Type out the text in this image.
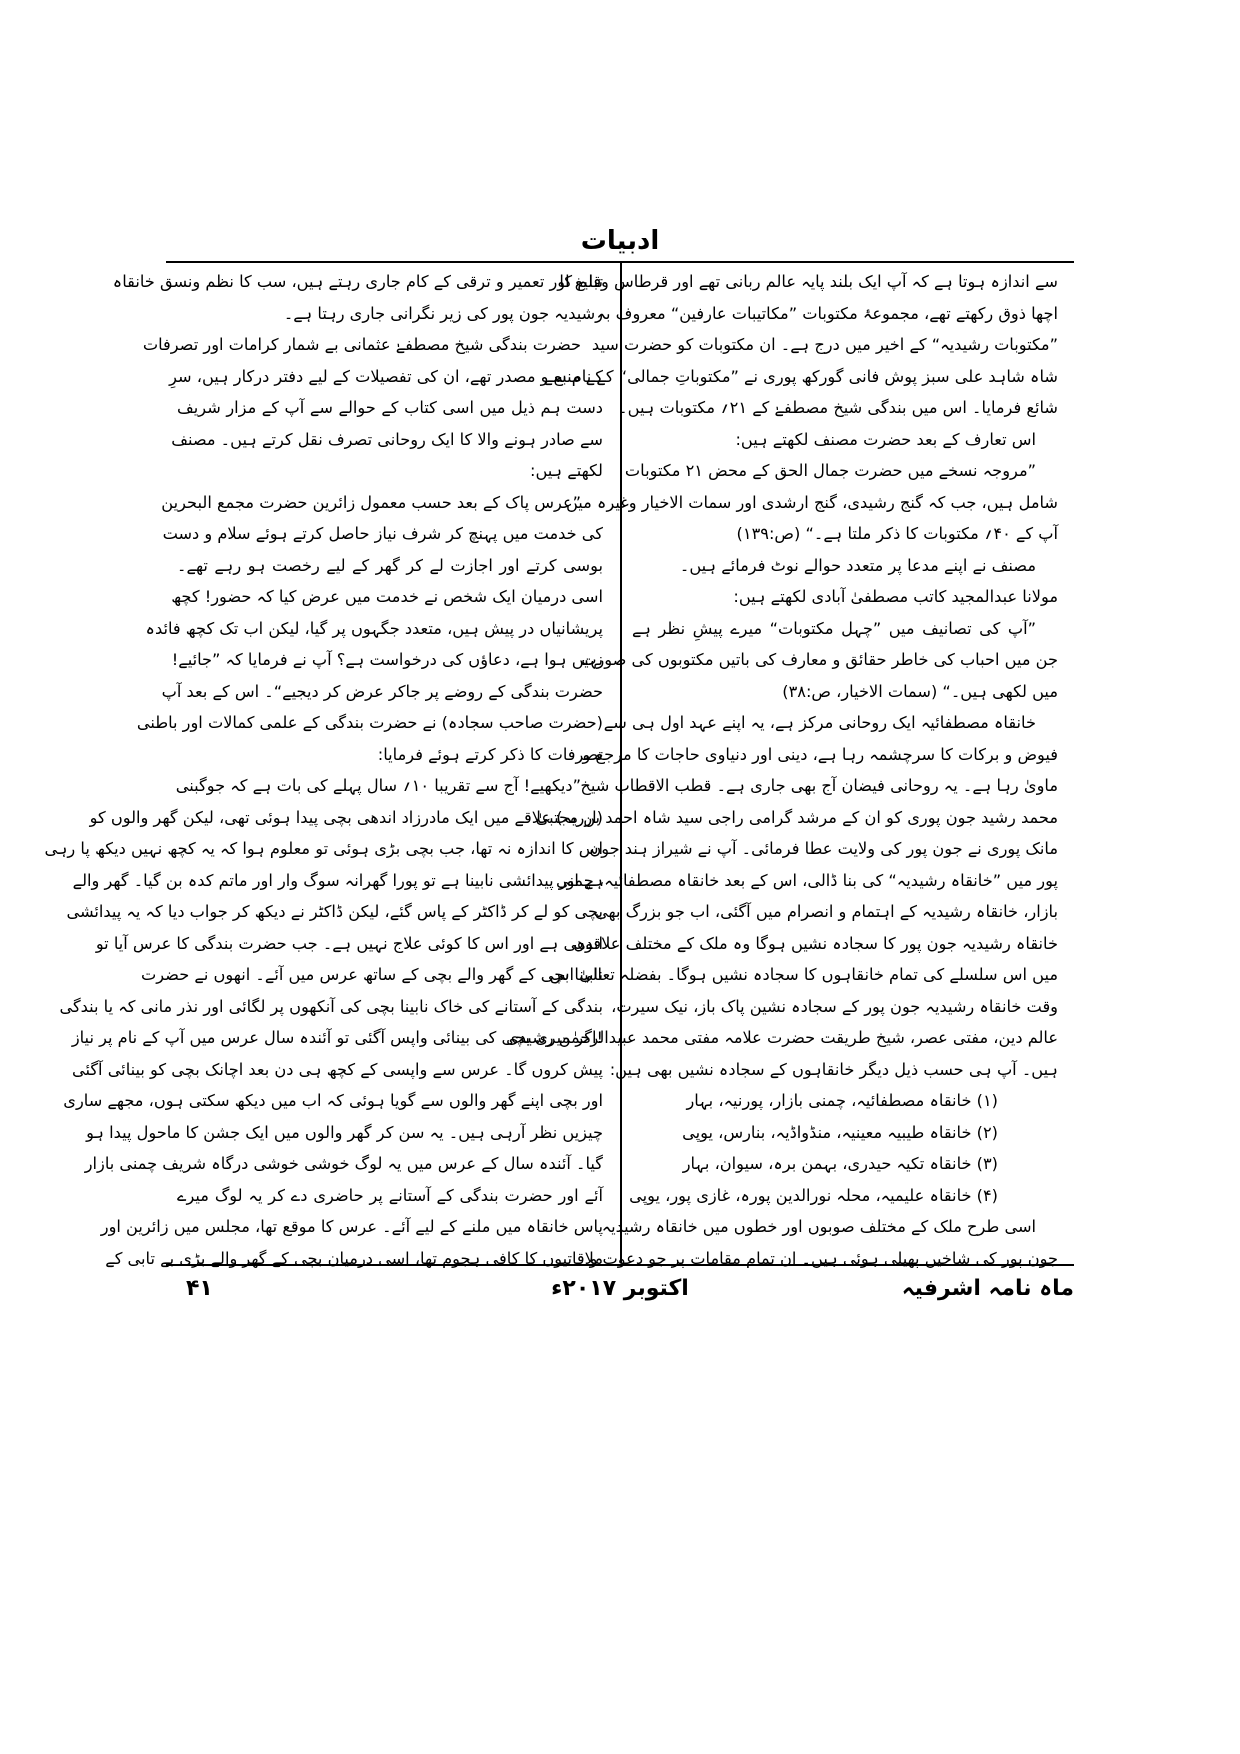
ادبیات
سے اندازہ ہوتا ہے کہ آپ ایک بلند پایہ عالم ربانی تھے اور قرطاس وقلم کا
اچھا ذوق رکھتے تھے، مجموعۂ مکتوبات ”مکاتیبات عارفین“ معروف بہ
”مکتوبات رشیدیہ“ کے اخیر میں درج ہے۔ ان مکتوبات کو حضرت سید
شاہ شاہد علی سبز پوش فانی گورکھ پوری نے ”مکتوباتِ جمالی“ کے نام سے
شائع فرمایا۔ اس میں بندگی شیخ مصطفےٰ کے ۲۱؍ مکتوبات ہیں۔
اس تعارف کے بعد حضرت مصنف لکھتے ہیں:
”مروجہ نسخے میں حضرت جمال الحق کے محض ۲۱ مکتوبات
شامل ہیں، جب کہ گنج رشیدی، گنج ارشدی اور سمات الاخیار وغیرہ میں
آپ کے ۴۰؍ مکتوبات کا ذکر ملتا ہے۔“ (ص:۱۳۹)
مصنف نے اپنے مدعا پر متعدد حوالے نوٹ فرمائے ہیں۔
مولانا عبدالمجید کاتب مصطفیٰ آبادی لکھتے ہیں:
”آپ کی تصانیف میں ”چہل مکتوبات“ میرے پیشِ نظر ہے
جن میں احباب کی خاطر حقائق و معارف کی باتیں مکتوبوں کی صورت
میں لکھی ہیں۔“ (سمات الاخیار، ص:۳۸)
خانقاہ مصطفائیہ ایک روحانی مرکز ہے، یہ اپنے عہد اول ہی سے
فیوض و برکات کا سرچشمہ رہا ہے، دینی اور دنیاوی حاجات کا مرجع و
ماویٰ رہا ہے۔ یہ روحانی فیضان آج بھی جاری ہے۔ قطب الاقطاب شیخ
محمد رشید جون پوری کو ان کے مرشد گرامی راجی سید شاہ احمد بن مجتبیٰ
مانک پوری نے جون پور کی ولایت عطا فرمائی۔ آپ نے شیراز ہند جون
پور میں ”خانقاہ رشیدیہ“ کی بنا ڈالی، اس کے بعد خانقاہ مصطفائیہ، چمنی
بازار، خانقاہ رشیدیہ کے اہتمام و انصرام میں آگئی، اب جو بزرگ بھی
خانقاہ رشیدیہ جون پور کا سجادہ نشیں ہوگا وہ ملک کے مختلف علاقوں
میں اس سلسلے کی تمام خانقاہوں کا سجادہ نشیں ہوگا۔ بفضلہ تعالیٰ اس
وقت خانقاہ رشیدیہ جون پور کے سجادہ نشین پاک باز، نیک سیرت،
عالم دین، مفتی عصر، شیخ طریقت حضرت علامہ مفتی محمد عبیدالرحمٰن رشیدی
ہیں۔ آپ ہی حسب ذیل دیگر خانقاہوں کے سجادہ نشیں بھی ہیں:
(۱) خانقاہ مصطفائیہ، چمنی بازار، پورنیہ، بہار
(۲) خانقاہ طیبیہ معینیہ، منڈواڈیہ، بنارس، یوپی
(۳) خانقاہ تکیہ حیدری، بہمن برہ، سیوان، بہار
(۴) خانقاہ علیمیہ، محلہ نورالدین پورہ، غازی پور، یوپی
اسی طرح ملک کے مختلف صوبوں اور خطوں میں خانقاہ رشیدیہ
جون پور کی شاخیں پھیلی ہوئی ہیں۔ ان تمام مقامات پر جو دعوت و
تبلیغ اور تعمیر و ترقی کے کام جاری رہتے ہیں، سب کا نظم ونسق خانقاہ
رشیدیہ جون پور کی زیر نگرانی جاری رہتا ہے۔
حضرت بندگی شیخ مصطفےٰ عثمانی بے شمار کرامات اور تصرفات
کے منبع و مصدر تھے، ان کی تفصیلات کے لیے دفتر درکار ہیں، سرِ
دست ہم ذیل میں اسی کتاب کے حوالے سے آپ کے مزار شریف
سے صادر ہونے والا کا ایک روحانی تصرف نقل کرتے ہیں۔ مصنف
لکھتے ہیں:
”عرس پاک کے بعد حسب معمول زائرین حضرت مجمع البحرین
کی خدمت میں پہنچ کر شرف نیاز حاصل کرتے ہوئے سلام و دست
بوسی کرتے اور اجازت لے کر گھر کے لیے رخصت ہو رہے تھے۔
اسی درمیان ایک شخص نے خدمت میں عرض کیا کہ حضور! کچھ
پریشانیاں در پیش ہیں، متعدد جگہوں پر گیا، لیکن اب تک کچھ فائدہ
نہیں ہوا ہے، دعاؤں کی درخواست ہے؟ آپ نے فرمایا کہ ”جائیے!
حضرت بندگی کے روضے پر جاکر عرض کر دیجیے“۔ اس کے بعد آپ
(حضرت صاحب سجادہ) نے حضرت بندگی کے علمی کمالات اور باطنی
تصرفات کا ذکر کرتے ہوئے فرمایا:
”دیکھیے! آج سے تقریبا ۱۰؍ سال پہلے کی بات ہے کہ جوگبنی
(ارریہ) علاقے میں ایک مادرزاد اندھی بچی پیدا ہوئی تھی، لیکن گھر والوں کو
اس کا اندازہ نہ تھا، جب بچی بڑی ہوئی تو معلوم ہوا کہ یہ کچھ نہیں دیکھ پا رہی
ہے اور پیدائشی نابینا ہے تو پورا گھرانہ سوگ وار اور ماتم کدہ بن گیا۔ گھر والے
بچی کو لے کر ڈاکٹر کے پاس گئے، لیکن ڈاکٹر نے دیکھ کر جواب دیا کہ یہ پیدائشی
اندھی ہے اور اس کا کوئی علاج نہیں ہے۔ جب حضرت بندگی کا عرس آیا تو
نابینا بچی کے گھر والے بچی کے ساتھ عرس میں آئے۔ انھوں نے حضرت
بندگی کے آستانے کی خاک نابینا بچی کی آنکھوں پر لگائی اور نذر مانی کہ یا بندگی
!اگر میری بچی کی بینائی واپس آگئی تو آئندہ سال عرس میں آپ کے نام پر نیاز
پیش کروں گا۔ عرس سے واپسی کے کچھ ہی دن بعد اچانک بچی کو بینائی آگئی
اور بچی اپنے گھر والوں سے گویا ہوئی کہ اب میں دیکھ سکتی ہوں، مجھے ساری
چیزیں نظر آرہی ہیں۔ یہ سن کر گھر والوں میں ایک جشن کا ماحول پیدا ہو
گیا۔ آئندہ سال کے عرس میں یہ لوگ خوشی خوشی درگاہ شریف چمنی بازار
آئے اور حضرت بندگی کے آستانے پر حاضری دے کر یہ لوگ میرے
پاس خانقاہ میں ملنے کے لیے آئے۔ عرس کا موقع تھا، مجلس میں زائرین اور
ملاقاتیوں کا کافی ہجوم تھا، اسی درمیان بچی کے گھر والے بڑی بے تابی کے
ماہ نامہ اشرفیہ
اکتوبر ۲۰۱۷ء
۴۱
